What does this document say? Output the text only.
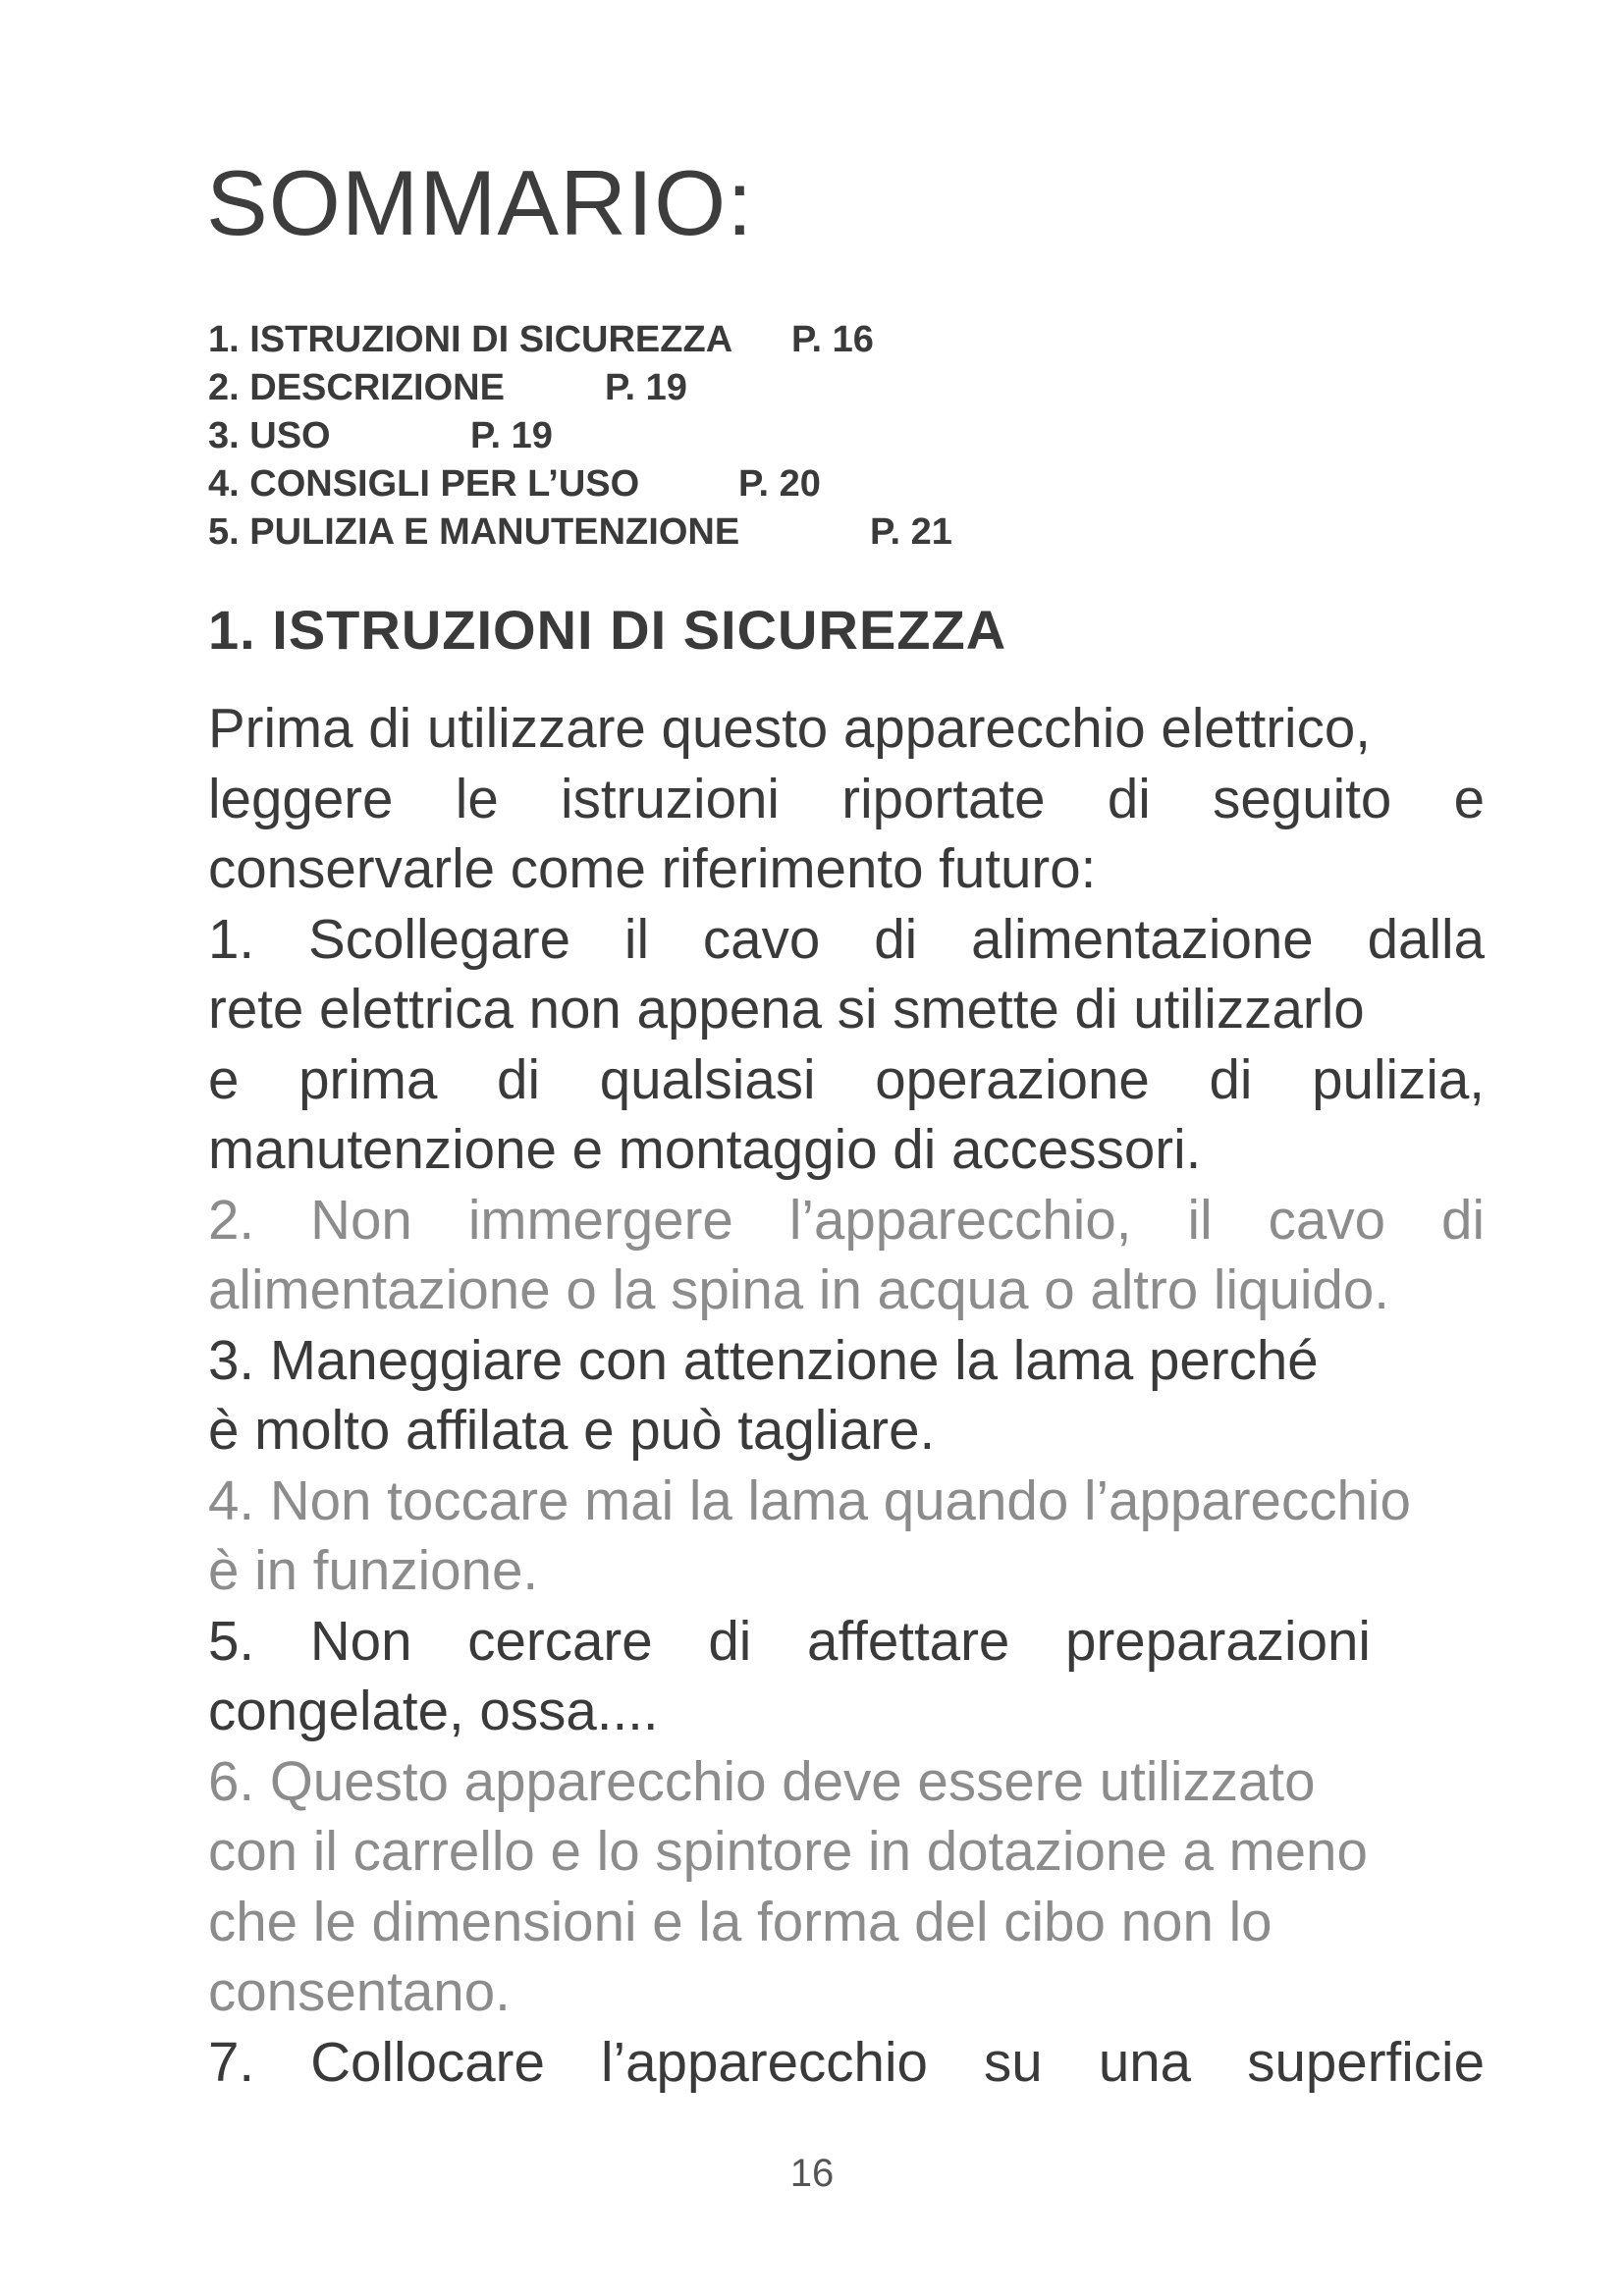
SOMMARIO:
1. ISTRUZIONI DI SICUREZZA P. 16
2. DESCRIZIONE	P. 19
3. USO	P. 19
4. CONSIGLI PER L’USO	P. 20
5. PULIZIA E MANUTENZIONE	P. 21
1. ISTRUZIONI DI SICUREZZA

Prima di utilizzare questo apparecchio elettrico,
leggere le istruzioni riportate di seguito e
conservarle come riferimento futuro:

1. Scollegare il cavo di alimentazione dalla
rete elettrica non appena si smette di utilizzarlo
e prima di qualsiasi operazione di pulizia,
manutenzione e montaggio di accessori.

2. Non immergere l’apparecchio, il cavo di
alimentazione o la spina in acqua o altro liquido.

3. Maneggiare con attenzione la lama perché
è molto affilata e può tagliare.

4. Non toccare mai la lama quando l’apparecchio
è in funzione.

5. Non cercare di affettare preparazioni
congelate, ossa....

6. Questo apparecchio deve essere utilizzato
con il carrello e lo spintore in dotazione a meno
che le dimensioni e la forma del cibo non lo
consentano.

7. Collocare l’apparecchio su una superficie

16
